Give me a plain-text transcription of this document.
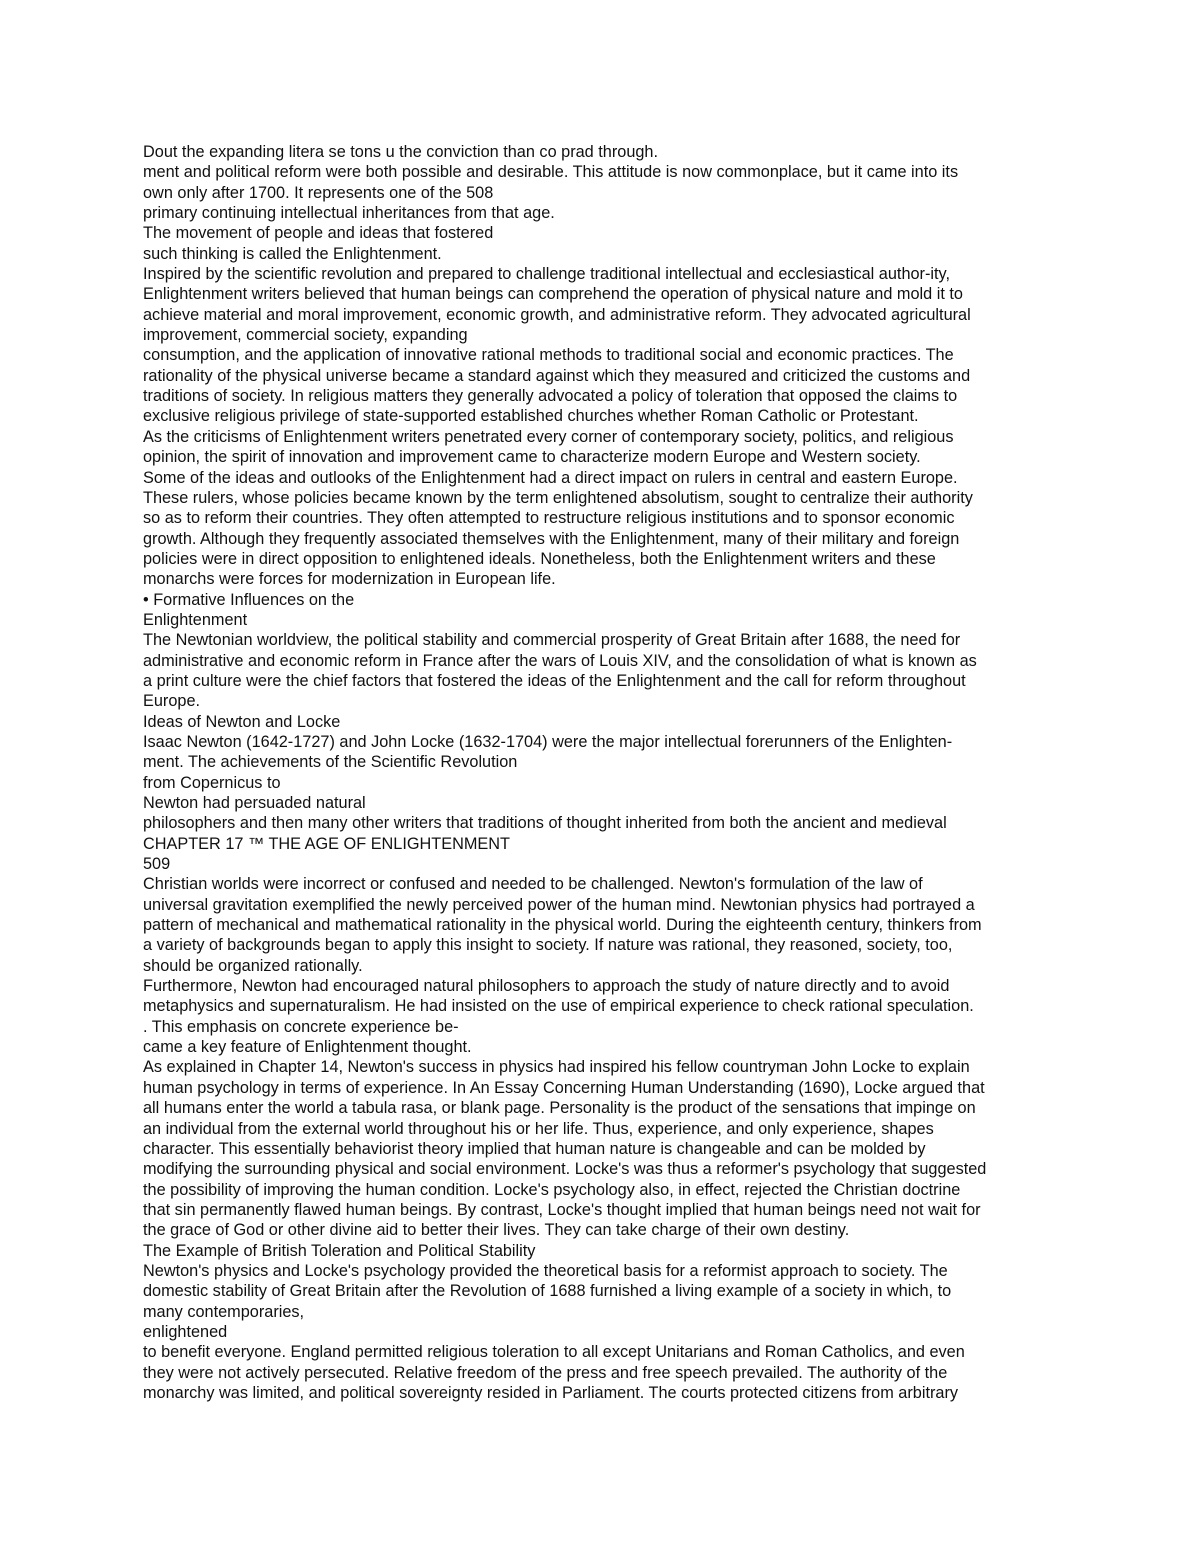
Dout the expanding litera se tons u the conviction than co prad through.
ment and political reform were both possible and desirable. This attitude is now commonplace, but it came into its
own only after 1700. It represents one of the 508
primary continuing intellectual inheritances from that age.
The movement of people and ideas that fostered
such thinking is called the Enlightenment.
Inspired by the scientific revolution and prepared to challenge traditional intellectual and ecclesiastical author-ity,
Enlightenment writers believed that human beings can comprehend the operation of physical nature and mold it to
achieve material and moral improvement, economic growth, and administrative reform. They advocated agricultural
improvement, commercial society, expanding
consumption, and the application of innovative rational methods to traditional social and economic practices. The
rationality of the physical universe became a standard against which they measured and criticized the customs and
traditions of society. In religious matters they generally advocated a policy of toleration that opposed the claims to
exclusive religious privilege of state-supported established churches whether Roman Catholic or Protestant.
As the criticisms of Enlightenment writers penetrated every corner of contemporary society, politics, and religious
opinion, the spirit of innovation and improvement came to characterize modern Europe and Western society.
Some of the ideas and outlooks of the Enlightenment had a direct impact on rulers in central and eastern Europe.
These rulers, whose policies became known by the term enlightened absolutism, sought to centralize their authority
so as to reform their countries. They often attempted to restructure religious institutions and to sponsor economic
growth. Although they frequently associated themselves with the Enlightenment, many of their military and foreign
policies were in direct opposition to enlightened ideals. Nonetheless, both the Enlightenment writers and these
monarchs were forces for modernization in European life.
• Formative Influences on the
Enlightenment
The Newtonian worldview, the political stability and commercial prosperity of Great Britain after 1688, the need for
administrative and economic reform in France after the wars of Louis XIV, and the consolidation of what is known as
a print culture were the chief factors that fostered the ideas of the Enlightenment and the call for reform throughout
Europe.
Ideas of Newton and Locke
Isaac Newton (1642-1727) and John Locke (1632-1704) were the major intellectual forerunners of the Enlighten-
ment. The achievements of the Scientific Revolution
from Copernicus to
Newton had persuaded natural
philosophers and then many other writers that traditions of thought inherited from both the ancient and medieval
CHAPTER 17 ™ THE AGE OF ENLIGHTENMENT
509
Christian worlds were incorrect or confused and needed to be challenged. Newton's formulation of the law of
universal gravitation exemplified the newly perceived power of the human mind. Newtonian physics had portrayed a
pattern of mechanical and mathematical rationality in the physical world. During the eighteenth century, thinkers from
a variety of backgrounds began to apply this insight to society. If nature was rational, they reasoned, society, too,
should be organized rationally.
Furthermore, Newton had encouraged natural philosophers to approach the study of nature directly and to avoid
metaphysics and supernaturalism. He had insisted on the use of empirical experience to check rational speculation.
. This emphasis on concrete experience be-
came a key feature of Enlightenment thought.
As explained in Chapter 14, Newton's success in physics had inspired his fellow countryman John Locke to explain
human psychology in terms of experience. In An Essay Concerning Human Understanding (1690), Locke argued that
all humans enter the world a tabula rasa, or blank page. Personality is the product of the sensations that impinge on
an individual from the external world throughout his or her life. Thus, experience, and only experience, shapes
character. This essentially behaviorist theory implied that human nature is changeable and can be molded by
modifying the surrounding physical and social environment. Locke's was thus a reformer's psychology that suggested
the possibility of improving the human condition. Locke's psychology also, in effect, rejected the Christian doctrine
that sin permanently flawed human beings. By contrast, Locke's thought implied that human beings need not wait for
the grace of God or other divine aid to better their lives. They can take charge of their own destiny.
The Example of British Toleration and Political Stability
Newton's physics and Locke's psychology provided the theoretical basis for a reformist approach to society. The
domestic stability of Great Britain after the Revolution of 1688 furnished a living example of a society in which, to
many contemporaries,
enlightened
to benefit everyone. England permitted religious toleration to all except Unitarians and Roman Catholics, and even
they were not actively persecuted. Relative freedom of the press and free speech prevailed. The authority of the
monarchy was limited, and political sovereignty resided in Parliament. The courts protected citizens from arbitrary
